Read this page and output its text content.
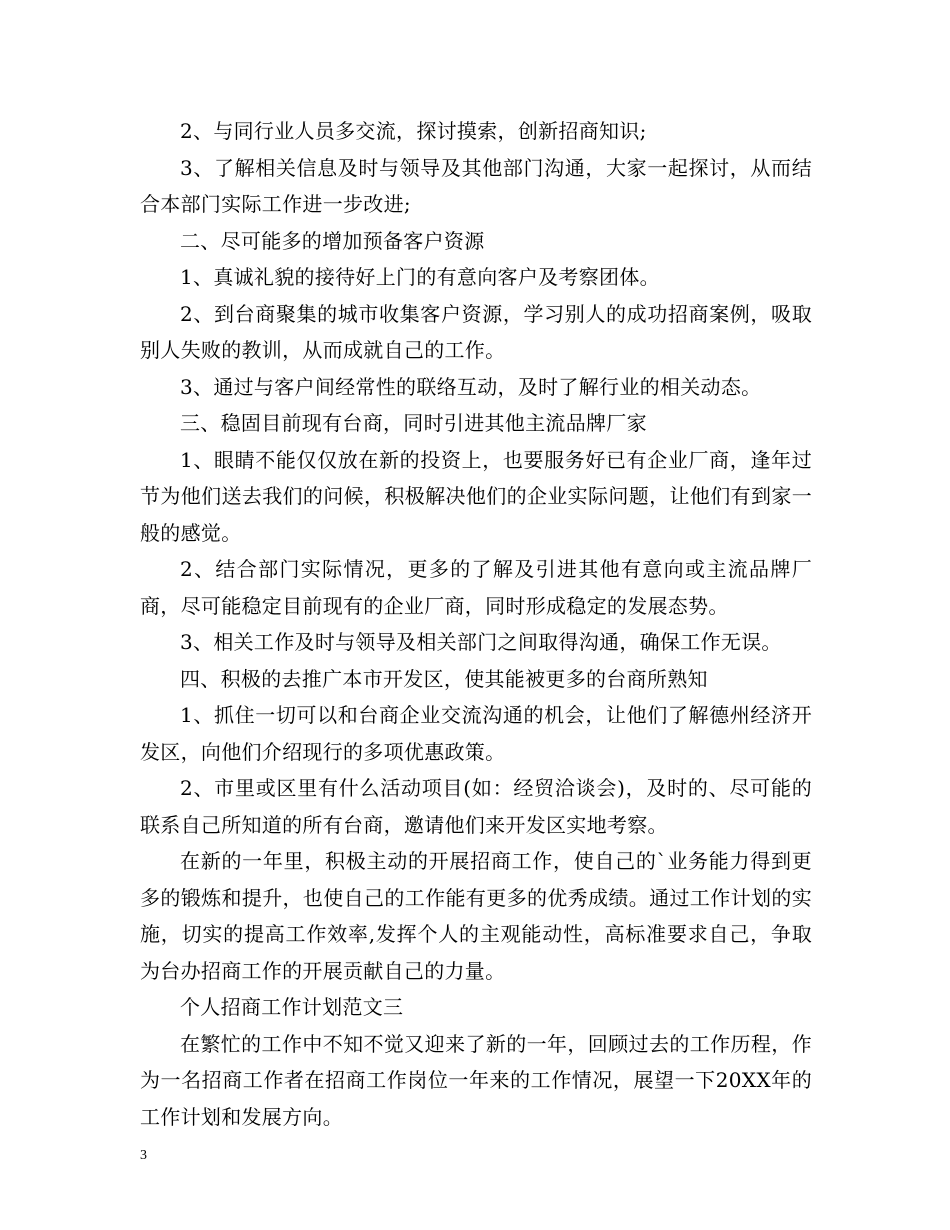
2、与同行业人员多交流，探讨摸索，创新招商知识;

3、了解相关信息及时与领导及其他部门沟通，大家一起探讨，从而结合本部门实际工作进一步改进;

二、尽可能多的增加预备客户资源

1、真诚礼貌的接待好上门的有意向客户及考察团体。

2、到台商聚集的城市收集客户资源，学习别人的成功招商案例，吸取别人失败的教训，从而成就自己的工作。

3、通过与客户间经常性的联络互动，及时了解行业的相关动态。

三、稳固目前现有台商，同时引进其他主流品牌厂家

1、眼睛不能仅仅放在新的投资上，也要服务好已有企业厂商，逢年过节为他们送去我们的问候，积极解决他们的企业实际问题，让他们有到家一般的感觉。

2、结合部门实际情况，更多的了解及引进其他有意向或主流品牌厂商，尽可能稳定目前现有的企业厂商，同时形成稳定的发展态势。

3、相关工作及时与领导及相关部门之间取得沟通，确保工作无误。

四、积极的去推广本市开发区，使其能被更多的台商所熟知

1、抓住一切可以和台商企业交流沟通的机会，让他们了解德州经济开发区，向他们介绍现行的多项优惠政策。

2、市里或区里有什么活动项目(如：经贸洽谈会)，及时的、尽可能的联系自己所知道的所有台商，邀请他们来开发区实地考察。

在新的一年里，积极主动的开展招商工作，使自己的`业务能力得到更多的锻炼和提升，也使自己的工作能有更多的优秀成绩。通过工作计划的实施，切实的提高工作效率,发挥个人的主观能动性，高标准要求自己，争取为台办招商工作的开展贡献自己的力量。

个人招商工作计划范文三

在繁忙的工作中不知不觉又迎来了新的一年，回顾过去的工作历程，作为一名招商工作者在招商工作岗位一年来的工作情况，展望一下20XX年的工作计划和发展方向。

3
